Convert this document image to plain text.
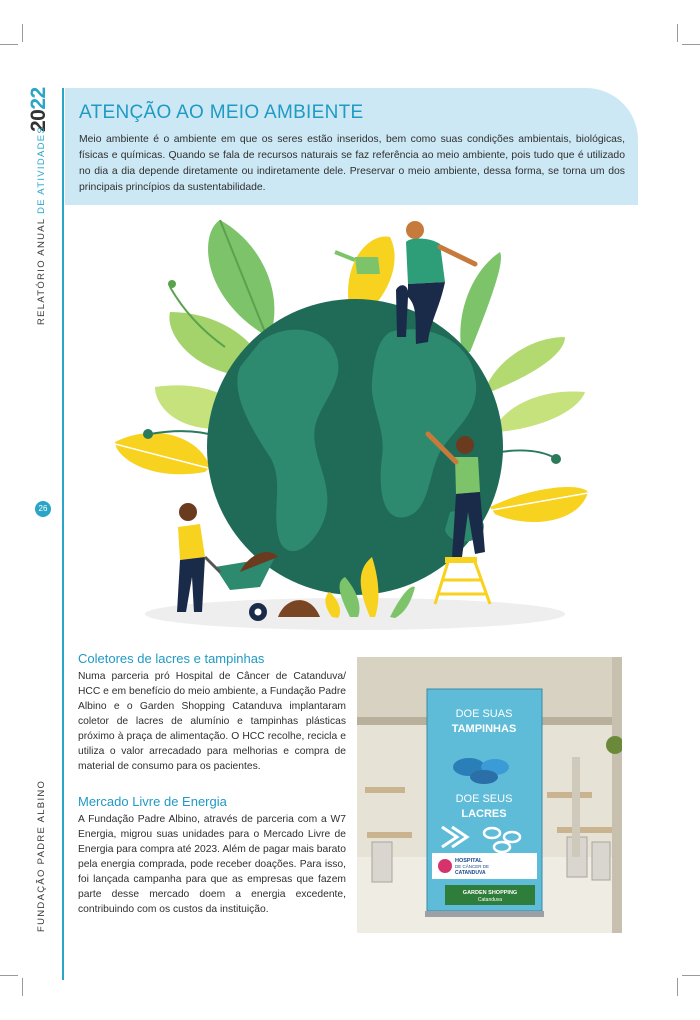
2022
RELATÓRIO ANUAL DE ATIVIDADES
26
FUNDAÇÃO PADRE ALBINO
ATENÇÃO AO MEIO AMBIENTE
Meio ambiente é o ambiente em que os seres estão inseridos, bem como suas condições ambientais, biológicas, físicas e químicas. Quando se fala de recursos naturais se faz referência ao meio ambiente, pois tudo que é utilizado no dia a dia depende diretamente ou indiretamente dele. Preservar o meio ambiente, dessa forma, se torna um dos principais princípios da sustentabilidade.
Coletores de lacres e tampinhas
Numa parceria pró Hospital de Câncer de Catanduva/ HCC e em benefício do meio ambiente, a Fundação Padre Albino e o Garden Shopping Catanduva implantaram coletor de lacres de alumínio e tampinhas plásticas próximo à praça de alimentação. O HCC recolhe, recicla e utiliza o valor arrecadado para melhorias e compra de material de consumo para os pacientes.
Mercado Livre de Energia
A Fundação Padre Albino, através de parceria com a W7 Energia, migrou suas unidades para o Mercado Livre de Energia para compra até 2023. Além de pagar mais barato pela energia comprada, pode receber doações. Para isso, foi lançada campanha para que as empresas que fazem parte desse mercado doem a energia excedente, contribuindo com os custos da instituição.
DOE SUAS
TAMPINHAS
DOE SEUS
LACRES
HOSPITAL
DE CÂNCER DE
CATANDUVA
GARDEN SHOPPING
Catanduva
